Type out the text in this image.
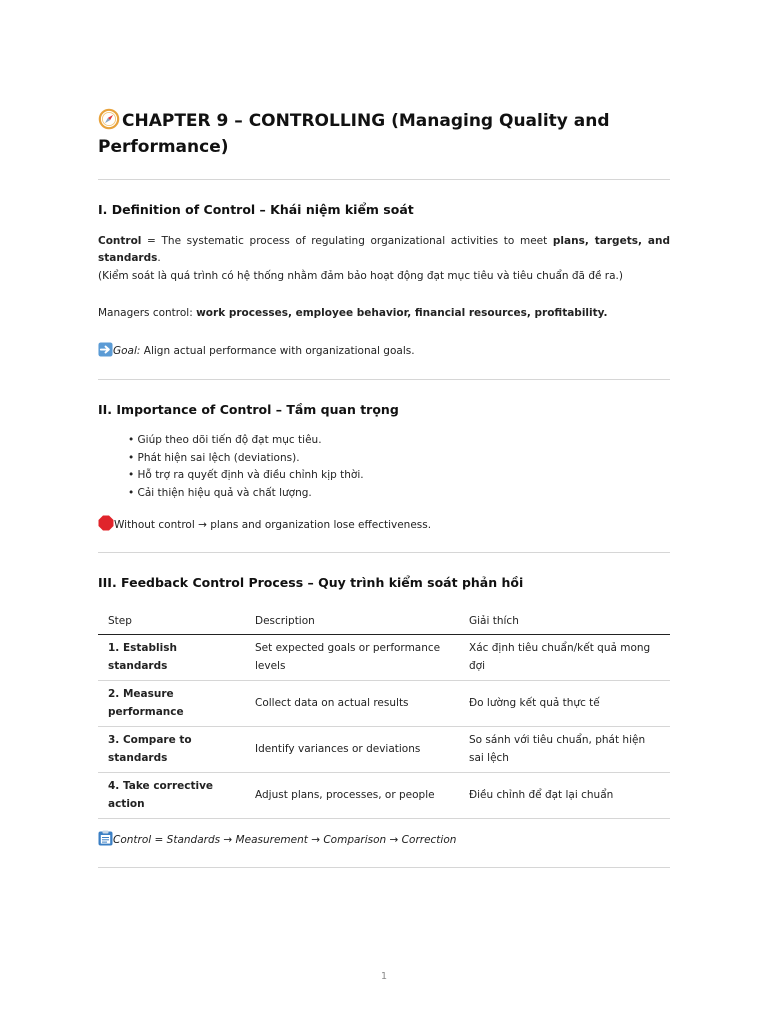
CHAPTER 9 – CONTROLLING (Managing Quality and Performance)
I. Definition of Control – Khái niệm kiểm soát
Control = The systematic process of regulating organizational activities to meet plans, targets, and standards.
(Kiểm soát là quá trình có hệ thống nhằm đảm bảo hoạt động đạt mục tiêu và tiêu chuẩn đã đề ra.)
Managers control: work processes, employee behavior, financial resources, profitability.
Goal: Align actual performance with organizational goals.
II. Importance of Control – Tầm quan trọng
• Giúp theo dõi tiến độ đạt mục tiêu.
• Phát hiện sai lệch (deviations).
• Hỗ trợ ra quyết định và điều chỉnh kịp thời.
• Cải thiện hiệu quả và chất lượng.
Without control → plans and organization lose effectiveness.
III. Feedback Control Process – Quy trình kiểm soát phản hồi
Step	Description	Giải thích
1. Establish standards	Set expected goals or performance levels	Xác định tiêu chuẩn/kết quả mong đợi
2. Measure performance	Collect data on actual results	Đo lường kết quả thực tế
3. Compare to standards	Identify variances or deviations	So sánh với tiêu chuẩn, phát hiện sai lệch
4. Take corrective action	Adjust plans, processes, or people	Điều chỉnh để đạt lại chuẩn
Control = Standards → Measurement → Comparison → Correction
1
